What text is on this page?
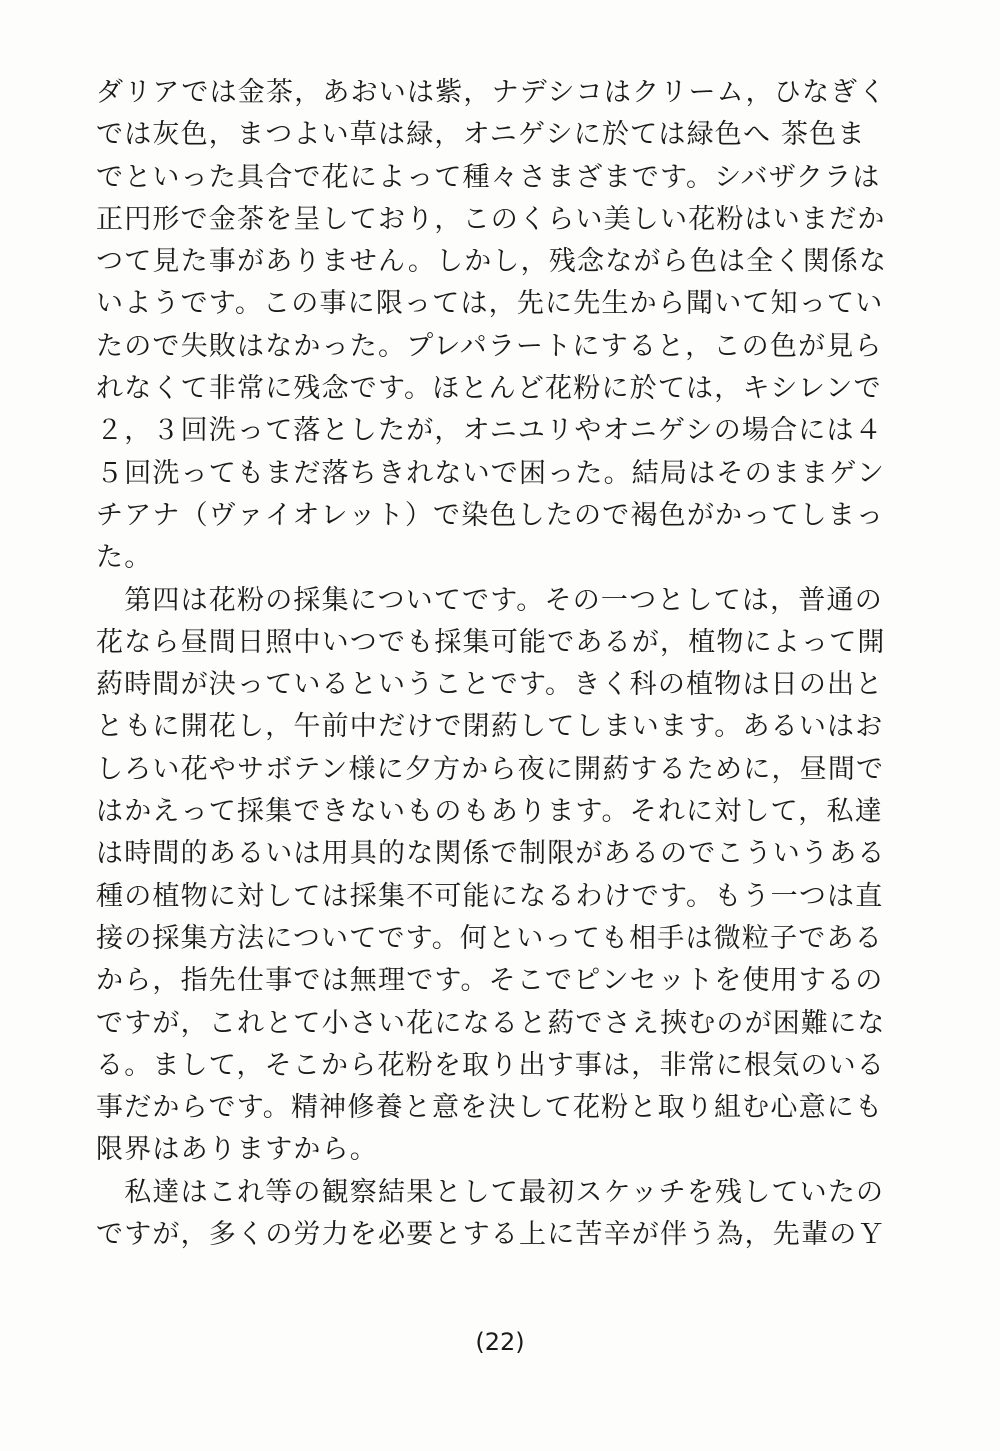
ダリアでは金茶，あおいは紫，ナデシコはクリーム，ひなぎく
では灰色，まつよい草は緑，オニゲシに於ては緑色へ 茶色ま
でといった具合で花によって種々さまざまです。シバザクラは
正円形で金茶を呈しており，このくらい美しい花粉はいまだか
つて見た事がありません。しかし，残念ながら色は全く関係な
いようです。この事に限っては，先に先生から聞いて知ってい
たので失敗はなかった。プレパラートにすると，この色が見ら
れなくて非常に残念です。ほとんど花粉に於ては，キシレンで
２，３回洗って落としたが，オニユリやオニゲシの場合には４
５回洗ってもまだ落ちきれないで困った。結局はそのままゲン
チアナ（ヴァイオレット）で染色したので褐色がかってしまっ
た。
　第四は花粉の採集についてです。その一つとしては，普通の
花なら昼間日照中いつでも採集可能であるが，植物によって開
葯時間が決っているということです。きく科の植物は日の出と
ともに開花し，午前中だけで閉葯してしまいます。あるいはお
しろい花やサボテン様に夕方から夜に開葯するために，昼間で
はかえって採集できないものもあります。それに対して，私達
は時間的あるいは用具的な関係で制限があるのでこういうある
種の植物に対しては採集不可能になるわけです。もう一つは直
接の採集方法についてです。何といっても相手は微粒子である
から，指先仕事では無理です。そこでピンセットを使用するの
ですが，これとて小さい花になると葯でさえ挾むのが困難にな
る。まして，そこから花粉を取り出す事は，非常に根気のいる
事だからです。精神修養と意を決して花粉と取り組む心意にも
限界はありますから。
　私達はこれ等の観察結果として最初スケッチを残していたの
ですが，多くの労力を必要とする上に苦辛が伴う為，先輩のＹ
(22)
